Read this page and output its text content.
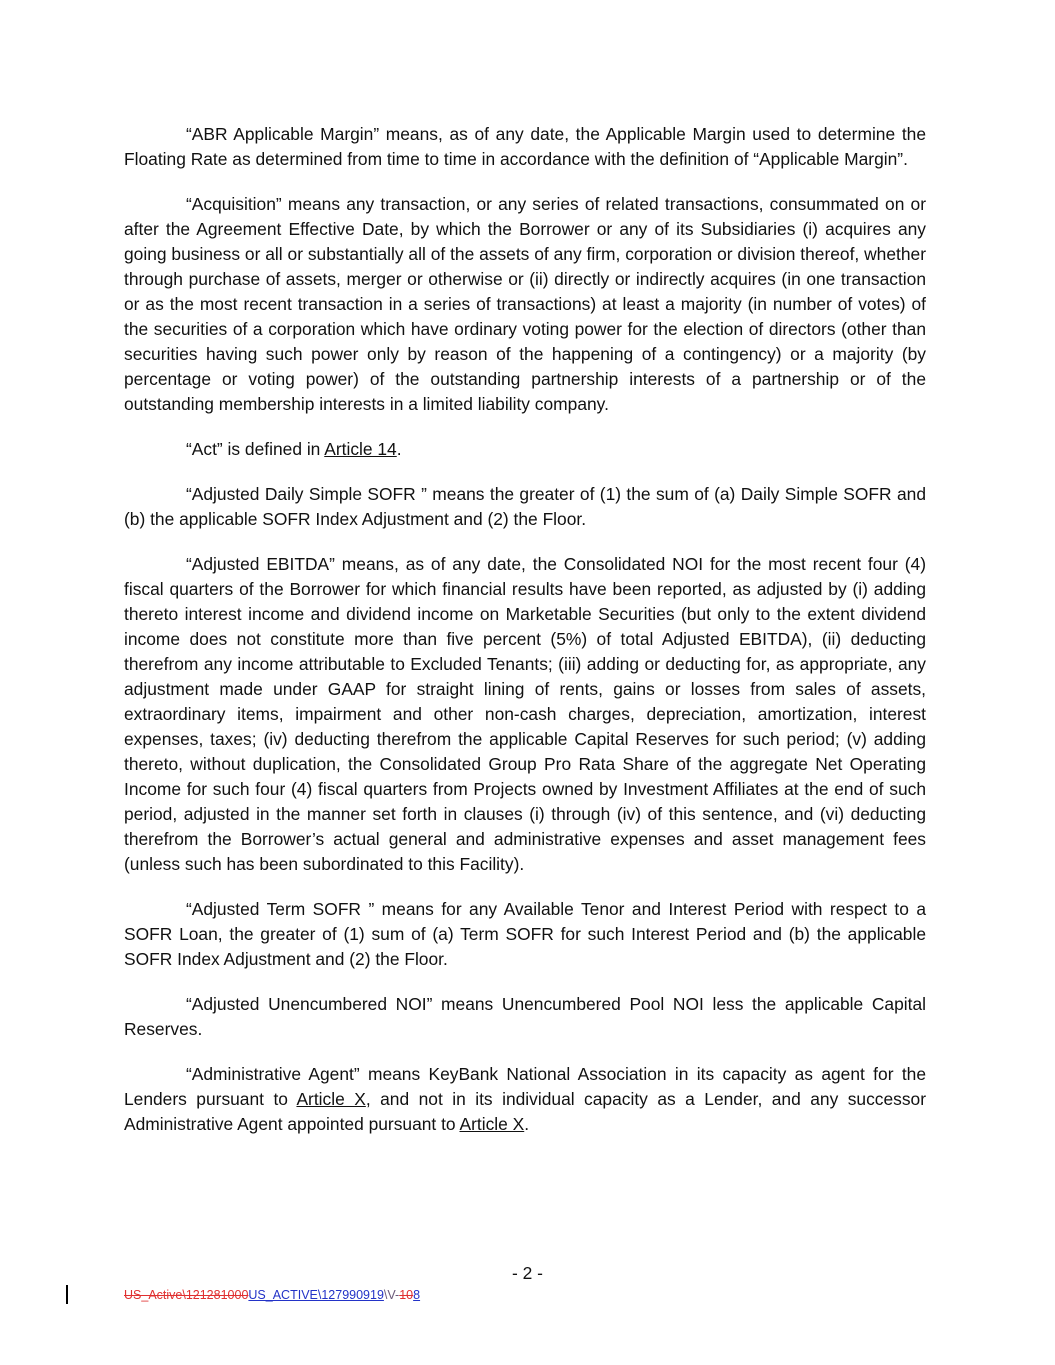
“ABR Applicable Margin” means, as of any date, the Applicable Margin used to determine the Floating Rate as determined from time to time in accordance with the definition of “Applicable Margin”.

“Acquisition” means any transaction, or any series of related transactions, consummated on or after the Agreement Effective Date, by which the Borrower or any of its Subsidiaries (i) acquires any going business or all or substantially all of the assets of any firm, corporation or division thereof, whether through purchase of assets, merger or otherwise or (ii) directly or indirectly acquires (in one transaction or as the most recent transaction in a series of transactions) at least a majority (in number of votes) of the securities of a corporation which have ordinary voting power for the election of directors (other than securities having such power only by reason of the happening of a contingency) or a majority (by percentage or voting power) of the outstanding partnership interests of a partnership or of the outstanding membership interests in a limited liability company.

“Act” is defined in Article 14.

“Adjusted Daily Simple SOFR ” means the greater of (1) the sum of (a) Daily Simple SOFR and (b) the applicable SOFR Index Adjustment and (2) the Floor.

“Adjusted EBITDA” means, as of any date, the Consolidated NOI for the most recent four (4) fiscal quarters of the Borrower for which financial results have been reported, as adjusted by (i) adding thereto interest income and dividend income on Marketable Securities (but only to the extent dividend income does not constitute more than five percent (5%) of total Adjusted EBITDA), (ii) deducting therefrom any income attributable to Excluded Tenants; (iii) adding or deducting for, as appropriate, any adjustment made under GAAP for straight lining of rents, gains or losses from sales of assets, extraordinary items, impairment and other non-cash charges, depreciation, amortization, interest expenses, taxes; (iv) deducting therefrom the applicable Capital Reserves for such period; (v) adding thereto, without duplication, the Consolidated Group Pro Rata Share of the aggregate Net Operating Income for such four (4) fiscal quarters from Projects owned by Investment Affiliates at the end of such period, adjusted in the manner set forth in clauses (i) through (iv) of this sentence, and (vi) deducting therefrom the Borrower’s actual general and administrative expenses and asset management fees (unless such has been subordinated to this Facility).

“Adjusted Term SOFR ” means for any Available Tenor and Interest Period with respect to a SOFR Loan, the greater of (1) sum of (a) Term SOFR for such Interest Period and (b) the applicable SOFR Index Adjustment and (2) the Floor.

“Adjusted Unencumbered NOI” means Unencumbered Pool NOI less the applicable Capital Reserves.

“Administrative Agent” means KeyBank National Association in its capacity as agent for the Lenders pursuant to Article X, and not in its individual capacity as a Lender, and any successor Administrative Agent appointed pursuant to Article X.

- 2 -
US_Active\121281000US_ACTIVE\127990919\V-108
